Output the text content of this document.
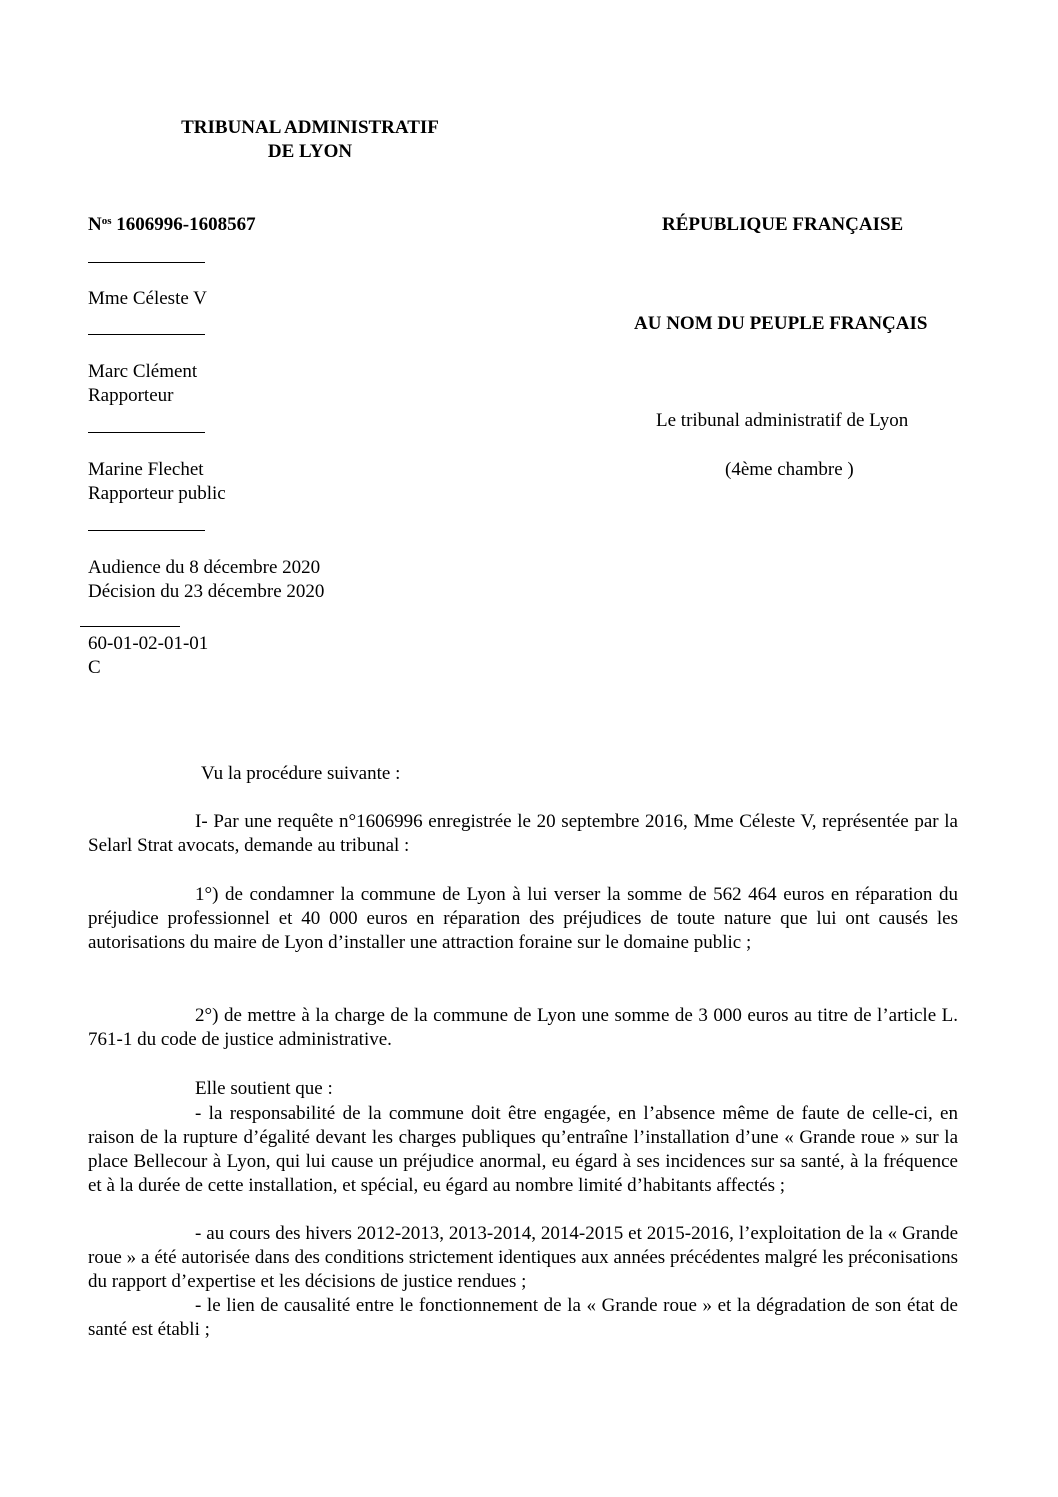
TRIBUNAL ADMINISTRATIF
DE LYON
$N^{os}$ 1606996-1608567	RÉPUBLIQUE FRANÇAISE
Mme Céleste V
AU NOM DU PEUPLE FRANÇAIS
Marc Clément
Rapporteur
Le tribunal administratif de Lyon
Marine Flechet
Rapporteur public
(4ème chambre )
Audience du 8 décembre 2020
Décision du 23 décembre 2020
60-01-02-01-01
C
Vu la procédure suivante :

I- Par une requête n°1606996 enregistrée le 20 septembre 2016, Mme Céleste V, représentée par la Selarl Strat avocats, demande au tribunal :

1°) de condamner la commune de Lyon à lui verser la somme de 562 464 euros en réparation du préjudice professionnel et 40 000 euros en réparation des préjudices de toute nature que lui ont causés les autorisations du maire de Lyon d’installer une attraction foraine sur le domaine public ;

2°) de mettre à la charge de la commune de Lyon une somme de 3 000 euros au titre de l’article L. 761-1 du code de justice administrative.

Elle soutient que :

- la responsabilité de la commune doit être engagée, en l’absence même de faute de celle-ci, en raison de la rupture d’égalité devant les charges publiques qu’entraîne l’installation d’une « Grande roue » sur la place Bellecour à Lyon, qui lui cause un préjudice anormal, eu égard à ses incidences sur sa santé, à la fréquence et à la durée de cette installation, et spécial, eu égard au nombre limité d’habitants affectés ;

- au cours des hivers 2012-2013, 2013-2014, 2014-2015 et 2015-2016, l’exploitation de la « Grande roue » a été autorisée dans des conditions strictement identiques aux années précédentes malgré les préconisations du rapport d’expertise et les décisions de justice rendues ;

- le lien de causalité entre le fonctionnement de la « Grande roue » et la dégradation de son état de santé est établi ;
